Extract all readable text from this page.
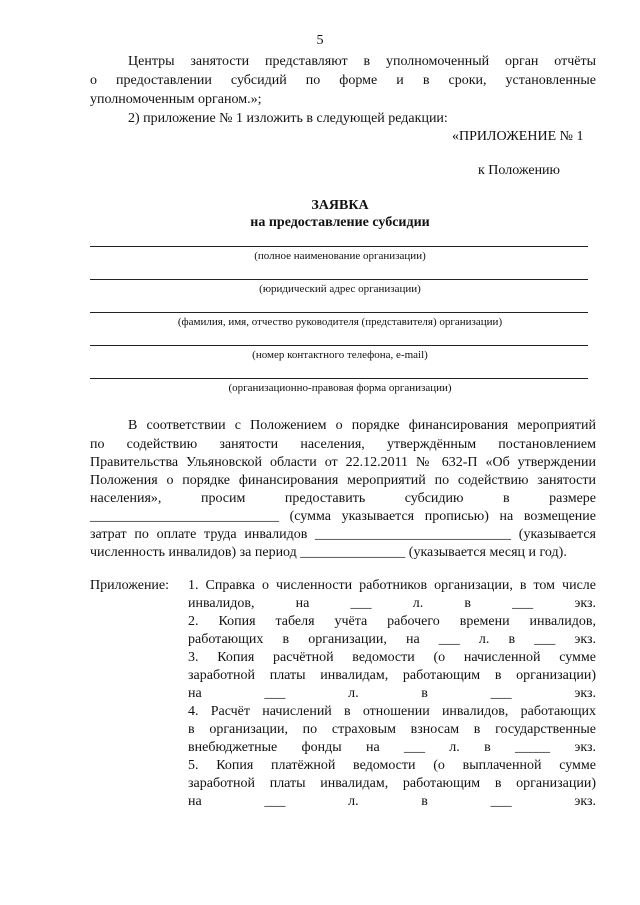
5
Центры занятости представляют в уполномоченный орган отчёты
о предоставлении субсидий по форме и в сроки, установленные
уполномоченным органом.»;
2) приложение № 1 изложить в следующей редакции:
«ПРИЛОЖЕНИЕ № 1
к Положению
ЗАЯВКА
на предоставление субсидии
(полное наименование организации)
(юридический адрес организации)
(фамилия, имя, отчество руководителя (представителя) организации)
(номер контактного телефона, e-mail)
(организационно-правовая форма организации)
В соответствии с Положением о порядке финансирования мероприятий
по содействию занятости населения, утверждённым постановлением
Правительства Ульяновской области от 22.12.2011 № 632-П «Об утверждении
Положения о порядке финансирования мероприятий по содействию занятости
населения», просим предоставить субсидию в размере
___________________________ (сумма указывается прописью) на возмещение
затрат по оплате труда инвалидов ____________________________ (указывается
численность инвалидов) за период _______________ (указывается месяц и год).
Приложение: 1. Справка о численности работников организации, в том числе
инвалидов, на ___ л. в ___ экз.
2. Копия табеля учёта рабочего времени инвалидов,
работающих в организации, на ___ л. в ___ экз.
3. Копия расчётной ведомости (о начисленной сумме
заработной платы инвалидам, работающим в организации)
на ___ л. в ___ экз.
4. Расчёт начислений в отношении инвалидов, работающих
в организации, по страховым взносам в государственные
внебюджетные фонды на ___ л. в _____ экз.
5. Копия платёжной ведомости (о выплаченной сумме
заработной платы инвалидам, работающим в организации)
на ___ л. в ___ экз.
